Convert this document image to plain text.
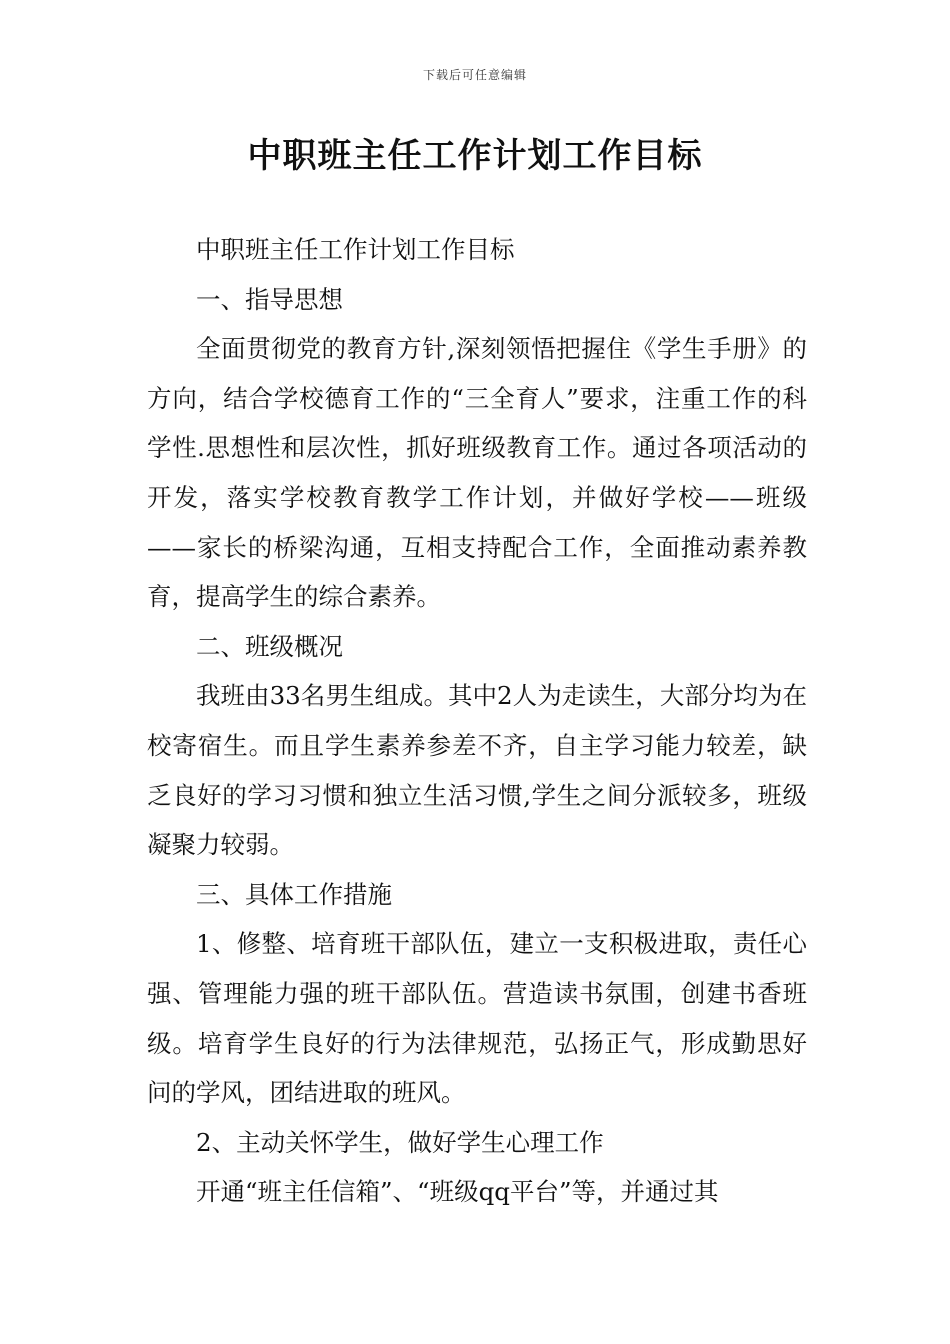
下载后可任意编辑
中职班主任工作计划工作目标

中职班主任工作计划工作目标

一、指导思想

全面贯彻党的教育方针,深刻领悟把握住《学生手册》的方向，结合学校德育工作的“三全育人”要求，注重工作的科学性.思想性和层次性，抓好班级教育工作。通过各项活动的开发，落实学校教育教学工作计划，并做好学校——班级——家长的桥梁沟通，互相支持配合工作，全面推动素养教育，提高学生的综合素养。

二、班级概况

我班由33名男生组成。其中2人为走读生，大部分均为在校寄宿生。而且学生素养参差不齐，自主学习能力较差，缺乏良好的学习习惯和独立生活习惯,学生之间分派较多，班级凝聚力较弱。

三、具体工作措施

1、修整、培育班干部队伍，建立一支积极进取，责任心强、管理能力强的班干部队伍。营造读书氛围，创建书香班级。培育学生良好的行为法律规范，弘扬正气，形成勤思好问的学风，团结进取的班风。

2、主动关怀学生，做好学生心理工作

开通“班主任信箱”、“班级qq平台”等，并通过其
